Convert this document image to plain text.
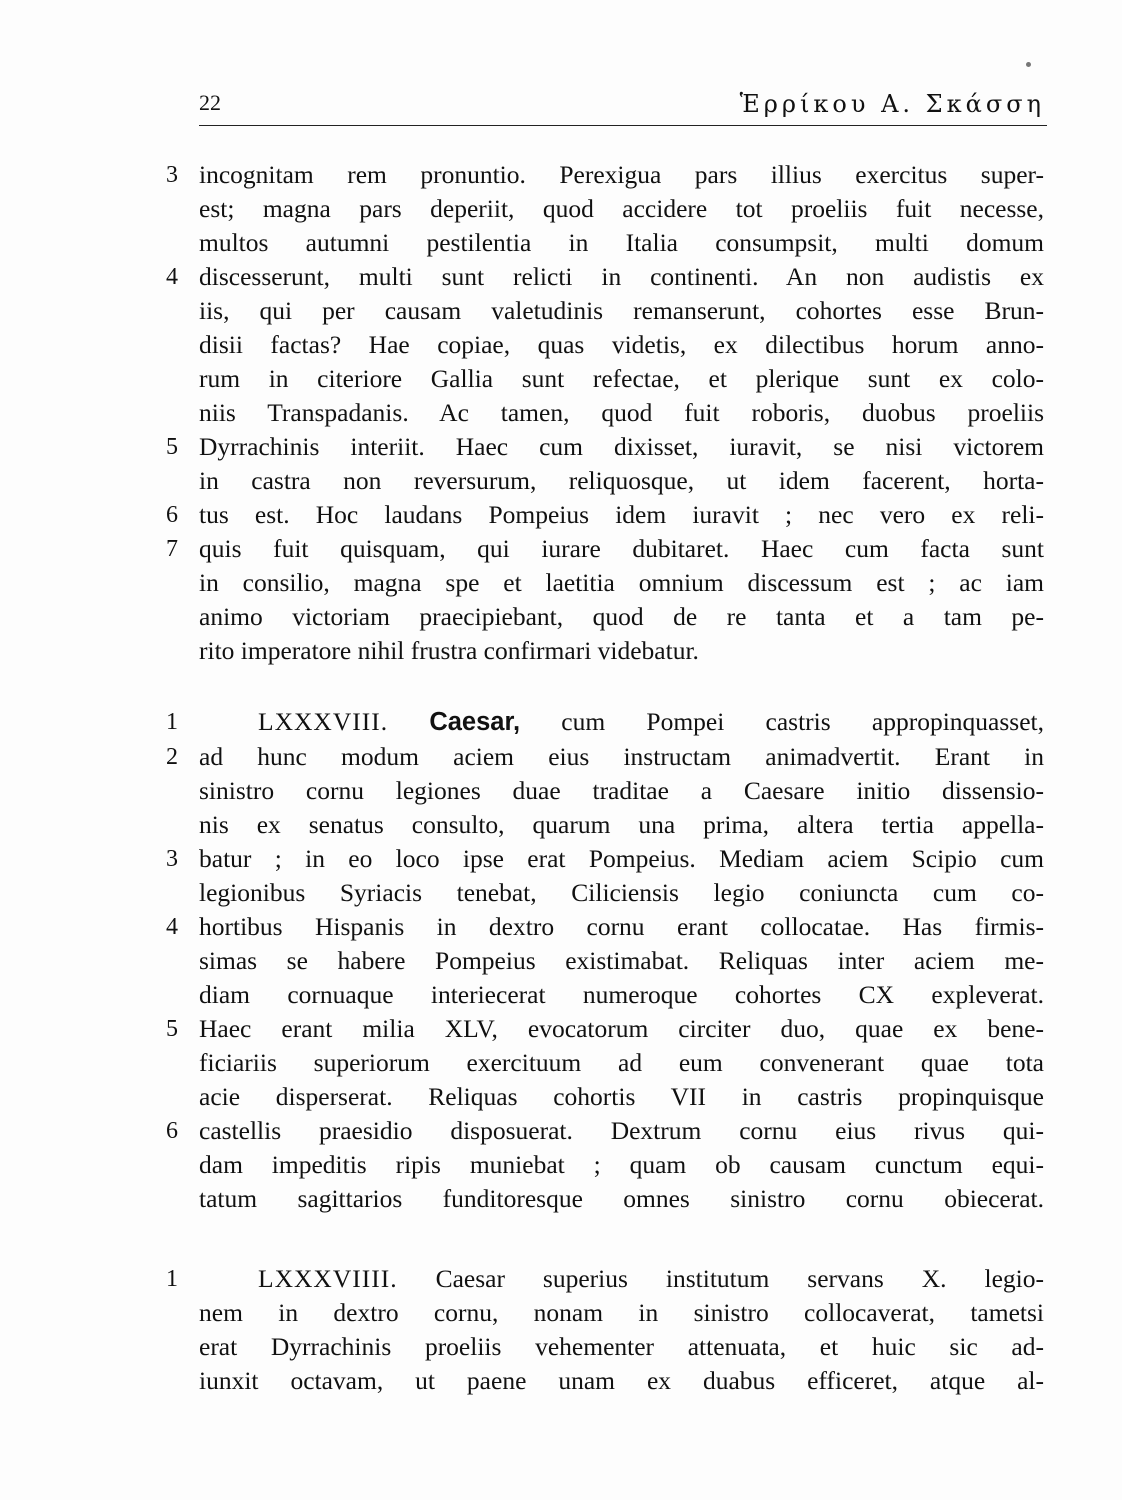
22	Ἑρρίκου Α. Σκάσση
3
4
5
6
7
incognitam rem pronuntio. Perexigua pars illius exercitus super-
est; magna pars deperiit, quod accidere tot proeliis fuit necesse,
multos autumni pestilentia in Italia consumpsit, multi domum
discesserunt, multi sunt relicti in continenti. An non audistis ex
iis, qui per causam valetudinis remanserunt, cohortes esse Brun-
disii factas? Hae copiae, quas videtis, ex dilectibus horum anno-
rum in citeriore Gallia sunt refectae, et plerique sunt ex colo-
niis Transpadanis. Ac tamen, quod fuit roboris, duobus proeliis
Dyrrachinis interiit. Haec cum dixisset, iuravit, se nisi victorem
in castra non reversurum, reliquosque, ut idem facerent, horta-
tus est. Hoc laudans Pompeius idem iuravit ; nec vero ex reli-
quis fuit quisquam, qui iurare dubitaret. Haec cum facta sunt
in consilio, magna spe et laetitia omnium discessum est ; ac iam
animo victoriam praecipiebant, quod de re tanta et a tam pe-
rito imperatore nihil frustra confirmari videbatur.
1
2
3
4
5
6
LXXXVIII. Caesar, cum Pompei castris appropinquasset,
ad hunc modum aciem eius instructam animadvertit. Erant in
sinistro cornu legiones duae traditae a Caesare initio dissensio-
nis ex senatus consulto, quarum una prima, altera tertia appella-
batur ; in eo loco ipse erat Pompeius. Mediam aciem Scipio cum
legionibus Syriacis tenebat, Ciliciensis legio coniuncta cum co-
hortibus Hispanis in dextro cornu erant collocatae. Has firmis-
simas se habere Pompeius existimabat. Reliquas inter aciem me-
diam cornuaque interiecerat numeroque cohortes CX expleverat.
Haec erant milia XLV, evocatorum circiter duo, quae ex bene-
ficiariis superiorum exercituum ad eum convenerant quae tota
acie disperserat. Reliquas cohortis VII in castris propinquisque
castellis praesidio disposuerat. Dextrum cornu eius rivus qui-
dam impeditis ripis muniebat ; quam ob causam cunctum equi-
tatum sagittarios funditoresque omnes sinistro cornu obiecerat.
1	LXXXVIIII. Caesar superius institutum servans X. legio-
nem in dextro cornu, nonam in sinistro collocaverat, tametsi
erat Dyrrachinis proeliis vehementer attenuata, et huic sic ad-
iunxit octavam, ut paene unam ex duabus efficeret, atque al-
